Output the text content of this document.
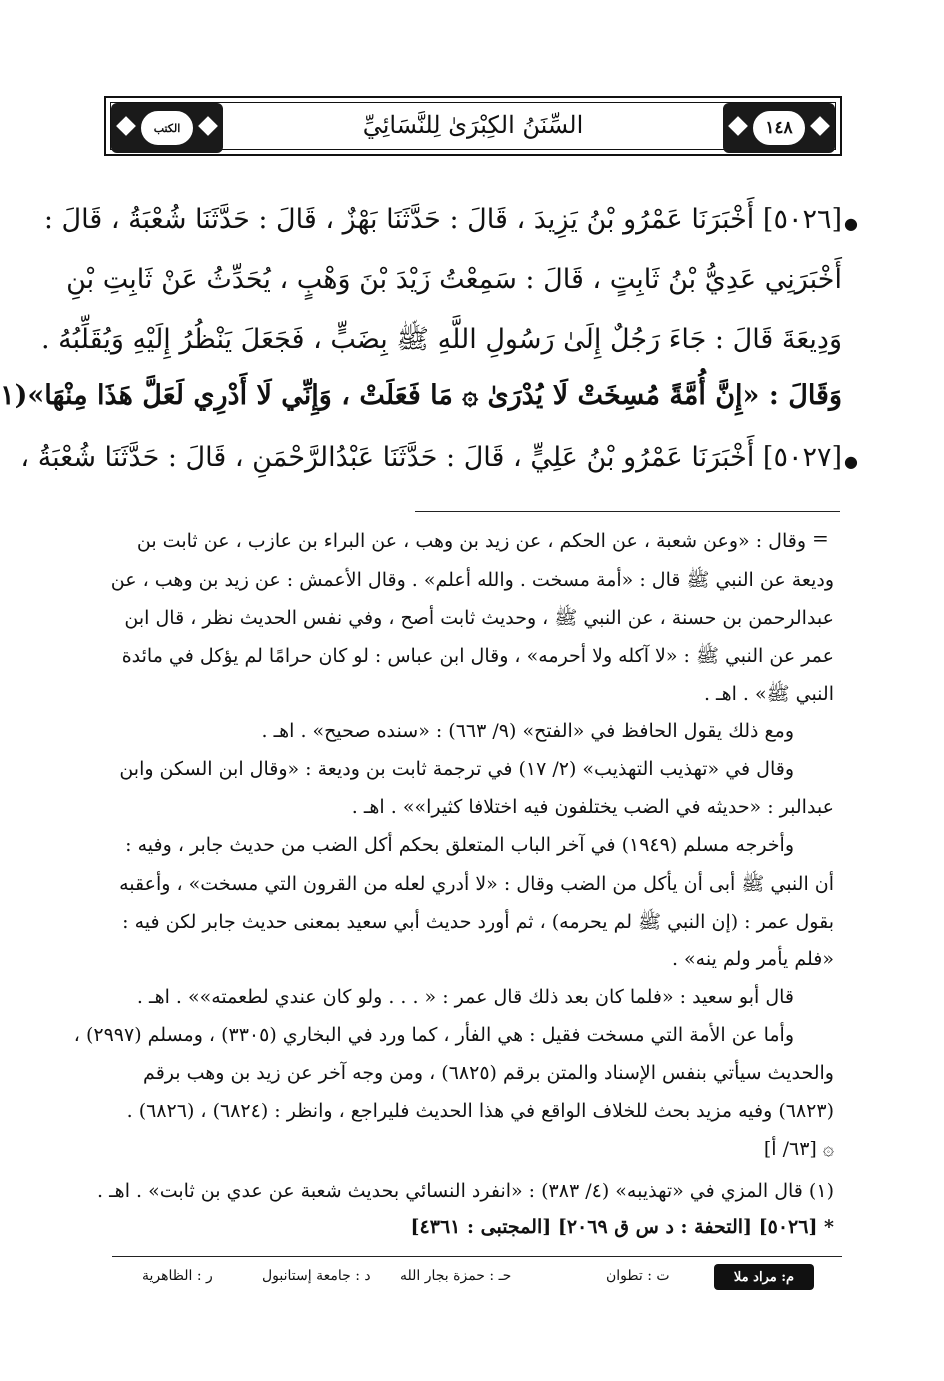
الكتب	السِّنَنُ الكِبْرَىٰ لِلنَّسَائِيِّ	١٤٨
●
[٥٠٢٦] أَخْبَرَنَا عَمْرُو بْنُ يَزِيدَ ، قَالَ : حَدَّثَنَا بَهْزٌ ، قَالَ : حَدَّثَنَا شُعْبَةُ ، قَالَ :
أَخْبَرَنِي عَدِيُّ بْنُ ثَابِتٍ ، قَالَ : سَمِعْتُ زَيْدَ بْنَ وَهْبٍ ، يُحَدِّثُ عَنْ ثَابِتِ بْنِ
وَدِيعَةَ قَالَ : جَاءَ رَجُلٌ إِلَىٰ رَسُولِ اللَّهِ ﷺ بِضَبٍّ ، فَجَعَلَ يَنْظُرُ إِلَيْهِ وَيُقَلِّبُهُ .
وَقَالَ : «إِنَّ أُمَّةً مُسِخَتْ لَا يُدْرَىٰ ۞ مَا فَعَلَتْ ، وَإِنِّي لَا أَدْرِي لَعَلَّ هَذَا مِنْهَا»(١
●
[٥٠٢٧] أَخْبَرَنَا عَمْرُو بْنُ عَلِيٍّ ، قَالَ : حَدَّثَنَا عَبْدُالرَّحْمَنِ ، قَالَ : حَدَّثَنَا شُعْبَةُ ،
=
وقال : «وعن شعبة ، عن الحكم ، عن زيد بن وهب ، عن البراء بن عازب ، عن ثابت بن
وديعة عن النبي ﷺ قال : «أمة مسخت . والله أعلم» . وقال الأعمش : عن زيد بن وهب ، عن
عبدالرحمن بن حسنة ، عن النبي ﷺ ، وحديث ثابت أصح ، وفي نفس الحديث نظر ، قال ابن
عمر عن النبي ﷺ : «لا آكله ولا أحرمه» ، وقال ابن عباس : لو كان حرامًا لم يؤكل في مائدة
النبي ﷺ» . اهـ .
ومع ذلك يقول الحافظ في «الفتح» (٩/ ٦٦٣) : «سنده صحيح» . اهـ .
وقال في «تهذيب التهذيب» (٢/ ١٧) في ترجمة ثابت بن وديعة : «وقال ابن السكن وابن
عبدالبر : «حديثه في الضب يختلفون فيه اختلافا كثيرا»» . اهـ .
وأخرجه مسلم (١٩٤٩) في آخر الباب المتعلق بحكم أكل الضب من حديث جابر ، وفيه :
أن النبي ﷺ أبى أن يأكل من الضب وقال : «لا أدري لعله من القرون التي مسخت» ، وأعقبه
بقول عمر : (إن النبي ﷺ لم يحرمه) ، ثم أورد حديث أبي سعيد بمعنى حديث جابر لكن فيه :
«فلم يأمر ولم ينه» .
قال أبو سعيد : «فلما كان بعد ذلك قال عمر : « . . . ولو كان عندي لطعمته»» . اهـ .
وأما عن الأمة التي مسخت فقيل : هي الفأر ، كما ورد في البخاري (٣٣٠٥) ، ومسلم (٢٩٩٧) ،
والحديث سيأتي بنفس الإسناد والمتن برقم (٦٨٢٥) ، ومن وجه آخر عن زيد بن وهب برقم
(٦٨٢٣) وفيه مزيد بحث للخلاف الواقع في هذا الحديث فليراجع ، وانظر : (٦٨٢٤) ، (٦٨٢٦) .
۞ [٦٣/ أ]
(١) قال المزي في «تهذيبه» (٤/ ٣٨٣) : «انفرد النسائي بحديث شعبة عن عدي بن ثابت» . اهـ .
* [٥٠٢٦] [التحفة : د س ق ٢٠٦٩] [المجتبى : ٤٣٦١]
م: مراد ملا
ت : تطوان
حـ : حمزة بجار الله
د : جامعة إستانبول
ر : الظاهرية
